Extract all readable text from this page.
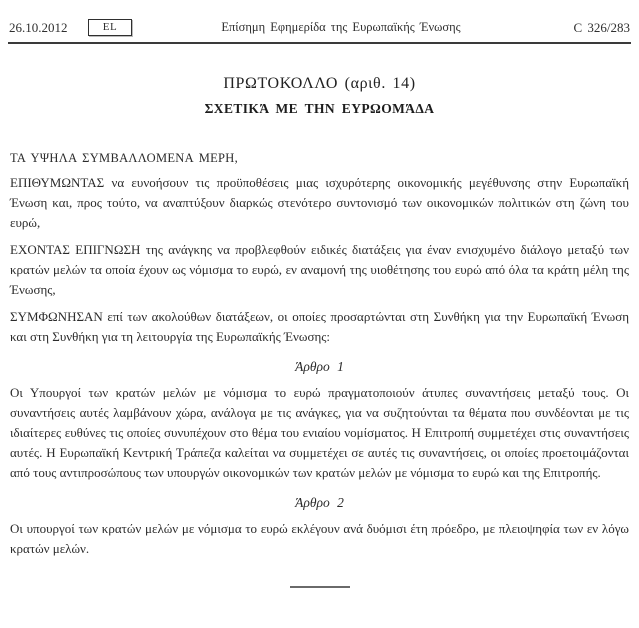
26.10.2012	EL	Επίσημη Εφημερίδα της Ευρωπαϊκής Ένωσης	C 326/283
ΠΡΩΤΟΚΟΛΛΟ (αριθ. 14)
ΣΧΕΤΙΚΆ ΜΕ ΤΗΝ ΕΥΡΩΟΜΆΔΑ

ΤΑ ΥΨΗΛΑ ΣΥΜΒΑΛΛΟΜΕΝΑ ΜΕΡΗ,

ΕΠΙΘΥΜΩΝΤΑΣ να ευνοήσουν τις προϋποθέσεις μιας ισχυρότερης οικονομικής μεγέθυνσης στην Ευρωπαϊκή Ένωση και, προς τούτο, να αναπτύξουν διαρκώς στενότερο συντονισμό των οικονομικών πολιτικών στη ζώνη του ευρώ,

ΕΧΟΝΤΑΣ ΕΠΙΓΝΩΣΗ της ανάγκης να προβλεφθούν ειδικές διατάξεις για έναν ενισχυμένο διάλογο μεταξύ των κρατών μελών τα οποία έχουν ως νόμισμα το ευρώ, εν αναμονή της υιοθέτησης του ευρώ από όλα τα κράτη μέλη της Ένωσης,

ΣΥΜΦΩΝΗΣΑΝ επί των ακολούθων διατάξεων, οι οποίες προσαρτώνται στη Συνθήκη για την Ευρωπαϊκή Ένωση και στη Συνθήκη για τη λειτουργία της Ευρωπαϊκής Ένωσης:

Άρθρο 1

Οι Υπουργοί των κρατών μελών με νόμισμα το ευρώ πραγματοποιούν άτυπες συναντήσεις μεταξύ τους. Οι συναντήσεις αυτές λαμβάνουν χώρα, ανάλογα με τις ανάγκες, για να συζητούνται τα θέματα που συνδέονται με τις ιδιαίτερες ευθύνες τις οποίες συνυπέχουν στο θέμα του ενιαίου νομίσματος. Η Επιτροπή συμμετέχει στις συναντήσεις αυτές. Η Ευρωπαϊκή Κεντρική Τράπεζα καλείται να συμμετέχει σε αυτές τις συναντήσεις, οι οποίες προετοιμάζονται από τους αντιπροσώπους των υπουργών οικονομικών των κρατών μελών με νόμισμα το ευρώ και της Επιτροπής.

Άρθρο 2

Οι υπουργοί των κρατών μελών με νόμισμα το ευρώ εκλέγουν ανά δυόμισι έτη πρόεδρο, με πλειοψηφία των εν λόγω κρατών μελών.
